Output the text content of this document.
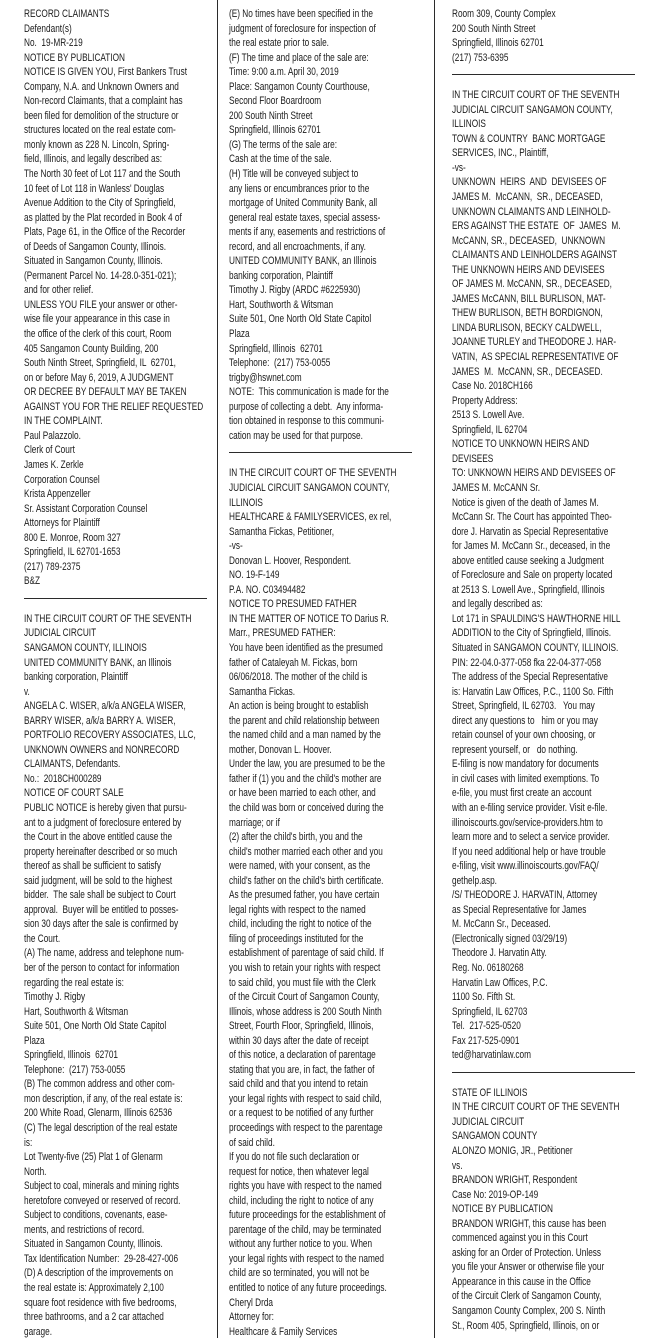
RECORD CLAIMANTS
Defendant(s)
No.  19-MR-219
NOTICE BY PUBLICATION
NOTICE IS GIVEN YOU, First Bankers Trust
Company, N.A. and Unknown Owners and
Non-record Claimants, that a complaint has
been filed for demolition of the structure or
structures located on the real estate com-
monly known as 228 N. Lincoln, Spring-
field, Illinois, and legally described as:
The North 30 feet of Lot 117 and the South
10 feet of Lot 118 in Wanless' Douglas
Avenue Addition to the City of Springfield,
as platted by the Plat recorded in Book 4 of
Plats, Page 61, in the Office of the Recorder
of Deeds of Sangamon County, Illinois.
Situated in Sangamon County, Illinois.
(Permanent Parcel No. 14-28.0-351-021);
and for other relief.
UNLESS YOU FILE your answer or other-
wise file your appearance in this case in
the office of the clerk of this court, Room
405 Sangamon County Building, 200
South Ninth Street, Springfield, IL  62701,
on or before May 6, 2019, A JUDGMENT
OR DECREE BY DEFAULT MAY BE TAKEN
AGAINST YOU FOR THE RELIEF REQUESTED
IN THE COMPLAINT.
Paul Palazzolo.
Clerk of Court
James K. Zerkle
Corporation Counsel
Krista Appenzeller
Sr. Assistant Corporation Counsel
Attorneys for Plaintiff
800 E. Monroe, Room 327
Springfield, IL 62701-1653
(217) 789-2375
B&Z
IN THE CIRCUIT COURT OF THE SEVENTH
JUDICIAL CIRCUIT
SANGAMON COUNTY, ILLINOIS
UNITED COMMUNITY BANK, an Illinois
banking corporation, Plaintiff
v.
ANGELA C. WISER, a/k/a ANGELA WISER,
BARRY WISER, a/k/a BARRY A. WISER,
PORTFOLIO RECOVERY ASSOCIATES, LLC,
UNKNOWN OWNERS and NONRECORD
CLAIMANTS, Defendants.
No.:  2018CH000289
NOTICE OF COURT SALE
PUBLIC NOTICE is hereby given that pursu-
ant to a judgment of foreclosure entered by
the Court in the above entitled cause the
property hereinafter described or so much
thereof as shall be sufficient to satisfy
said judgment, will be sold to the highest
bidder.  The sale shall be subject to Court
approval.  Buyer will be entitled to posses-
sion 30 days after the sale is confirmed by
the Court.
(A) The name, address and telephone num-
ber of the person to contact for information
regarding the real estate is:
Timothy J. Rigby
Hart, Southworth & Witsman
Suite 501, One North Old State Capitol
Plaza
Springfield, Illinois  62701
Telephone:  (217) 753-0055
(B) The common address and other com-
mon description, if any, of the real estate is:
200 White Road, Glenarm, Illinois 62536
(C) The legal description of the real estate
is:
Lot Twenty-five (25) Plat 1 of Glenarm
North.
Subject to coal, minerals and mining rights
heretofore conveyed or reserved of record.
Subject to conditions, covenants, ease-
ments, and restrictions of record.
Situated in Sangamon County, Illinois.
Tax Identification Number:  29-28-427-006
(D) A description of the improvements on
the real estate is: Approximately 2,100
square foot residence with five bedrooms,
three bathrooms, and a 2 car attached
garage.
(E) No times have been specified in the
judgment of foreclosure for inspection of
the real estate prior to sale.
(F) The time and place of the sale are:
Time: 9:00 a.m. April 30, 2019
Place: Sangamon County Courthouse,
Second Floor Boardroom
200 South Ninth Street
Springfield, Illinois 62701
(G) The terms of the sale are:
Cash at the time of the sale.
(H) Title will be conveyed subject to
any liens or encumbrances prior to the
mortgage of United Community Bank, all
general real estate taxes, special assess-
ments if any, easements and restrictions of
record, and all encroachments, if any.
UNITED COMMUNITY BANK, an Illinois
banking corporation, Plaintiff
Timothy J. Rigby (ARDC #6225930)
Hart, Southworth & Witsman
Suite 501, One North Old State Capitol
Plaza
Springfield, Illinois  62701
Telephone:  (217) 753-0055
trigby@hswnet.com
NOTE:  This communication is made for the
purpose of collecting a debt.  Any informa-
tion obtained in response to this communi-
cation may be used for that purpose.
IN THE CIRCUIT COURT OF THE SEVENTH
JUDICIAL CIRCUIT SANGAMON COUNTY,
ILLINOIS
HEALTHCARE & FAMILYSERVICES, ex rel,
Samantha Fickas, Petitioner,
-vs-
Donovan L. Hoover, Respondent.
NO. 19-F-149
P.A. NO. C03494482
NOTICE TO PRESUMED FATHER
IN THE MATTER OF NOTICE TO Darius R.
Marr., PRESUMED FATHER:
You have been identified as the presumed
father of Cataleyah M. Fickas, born
06/06/2018. The mother of the child is
Samantha Fickas.
An action is being brought to establish
the parent and child relationship between
the named child and a man named by the
mother, Donovan L. Hoover.
Under the law, you are presumed to be the
father if (1) you and the child's mother are
or have been married to each other, and
the child was born or conceived during the
marriage; or if
(2) after the child's birth, you and the
child's mother married each other and you
were named, with your consent, as the
child's father on the child's birth certificate.
As the presumed father, you have certain
legal rights with respect to the named
child, including the right to notice of the
filing of proceedings instituted for the
establishment of parentage of said child. If
you wish to retain your rights with respect
to said child, you must file with the Clerk
of the Circuit Court of Sangamon County,
Illinois, whose address is 200 South Ninth
Street, Fourth Floor, Springfield, Illinois,
within 30 days after the date of receipt
of this notice, a declaration of parentage
stating that you are, in fact, the father of
said child and that you intend to retain
your legal rights with respect to said child,
or a request to be notified of any further
proceedings with respect to the parentage
of said child.
If you do not file such declaration or
request for notice, then whatever legal
rights you have with respect to the named
child, including the right to notice of any
future proceedings for the establishment of
parentage of the child, may be terminated
without any further notice to you. When
your legal rights with respect to the named
child are so terminated, you will not be
entitled to notice of any future proceedings.
Cheryl Drda
Attorney for:
Healthcare & Family Services
Room 309, County Complex
200 South Ninth Street
Springfield, Illinois 62701
(217) 753-6395
IN THE CIRCUIT COURT OF THE SEVENTH
JUDICIAL CIRCUIT SANGAMON COUNTY,
ILLINOIS
TOWN & COUNTRY  BANC MORTGAGE
SERVICES, INC., Plaintiff,
-vs-
UNKNOWN  HEIRS  AND  DEVISEES OF
JAMES M.  McCANN,  SR., DECEASED,
UNKNOWN CLAIMANTS AND LEINHOLD-
ERS AGAINST THE ESTATE  OF  JAMES  M.
McCANN, SR., DECEASED,  UNKNOWN
CLAIMANTS AND LEINHOLDERS AGAINST
THE UNKNOWN HEIRS AND DEVISEES
OF JAMES M. McCANN, SR., DECEASED,
JAMES McCANN, BILL BURLISON, MAT-
THEW BURLISON, BETH BORDIGNON,
LINDA BURLISON, BECKY CALDWELL,
JOANNE TURLEY and THEODORE J. HAR-
VATIN,  AS SPECIAL REPRESENTATIVE OF
JAMES  M.  McCANN, SR., DECEASED.
Case No. 2018CH166
Property Address:
2513 S. Lowell Ave.
Springfield, IL 62704
NOTICE TO UNKNOWN HEIRS AND
DEVISEES
TO: UNKNOWN HEIRS AND DEVISEES OF
JAMES M. McCANN Sr.
Notice is given of the death of James M.
McCann Sr. The Court has appointed Theo-
dore J. Harvatin as Special Representative
for James M. McCann Sr., deceased, in the
above entitled cause seeking a Judgment
of Foreclosure and Sale on property located
at 2513 S. Lowell Ave., Springfield, Illinois
and legally described as:
Lot 171 in SPAULDING'S HAWTHORNE HILL
ADDITION to the City of Springfield, Illinois.
Situated in SANGAMON COUNTY, ILLINOIS.
PIN: 22-04.0-377-058 fka 22-04-377-058
The address of the Special Representative
is: Harvatin Law Offices, P.C., 1100 So. Fifth
Street, Springfield, IL 62703.   You may
direct any questions to   him or you may
retain counsel of your own choosing, or
represent yourself, or   do nothing.
E-filing is now mandatory for documents
in civil cases with limited exemptions. To
e-file, you must first create an account
with an e-filing service provider. Visit e-file.
illinoiscourts.gov/service-providers.htm to
learn more and to select a service provider.
If you need additional help or have trouble
e-filing, visit www.illinoiscourts.gov/FAQ/
gethelp.asp.
/S/ THEODORE J. HARVATIN, Attorney
as Special Representative for James
M. McCann Sr., Deceased.
(Electronically signed 03/29/19)
Theodore J. Harvatin Atty.
Reg. No. 06180268
Harvatin Law Offices, P.C.
1100 So. Fifth St.
Springfield, IL 62703
Tel.  217-525-0520
Fax 217-525-0901
ted@harvatinlaw.com
STATE OF ILLINOIS
IN THE CIRCUIT COURT OF THE SEVENTH
JUDICIAL CIRCUIT
SANGAMON COUNTY
ALONZO MONIG, JR., Petitioner
vs.
BRANDON WRIGHT, Respondent
Case No: 2019-OP-149
NOTICE BY PUBLICATION
BRANDON WRIGHT, this cause has been
commenced against you in this Court
asking for an Order of Protection. Unless
you file your Answer or otherwise file your
Appearance in this cause in the Office
of the Circuit Clerk of Sangamon County,
Sangamon County Complex, 200 S. Ninth
St., Room 405, Springfield, Illinois, on or
